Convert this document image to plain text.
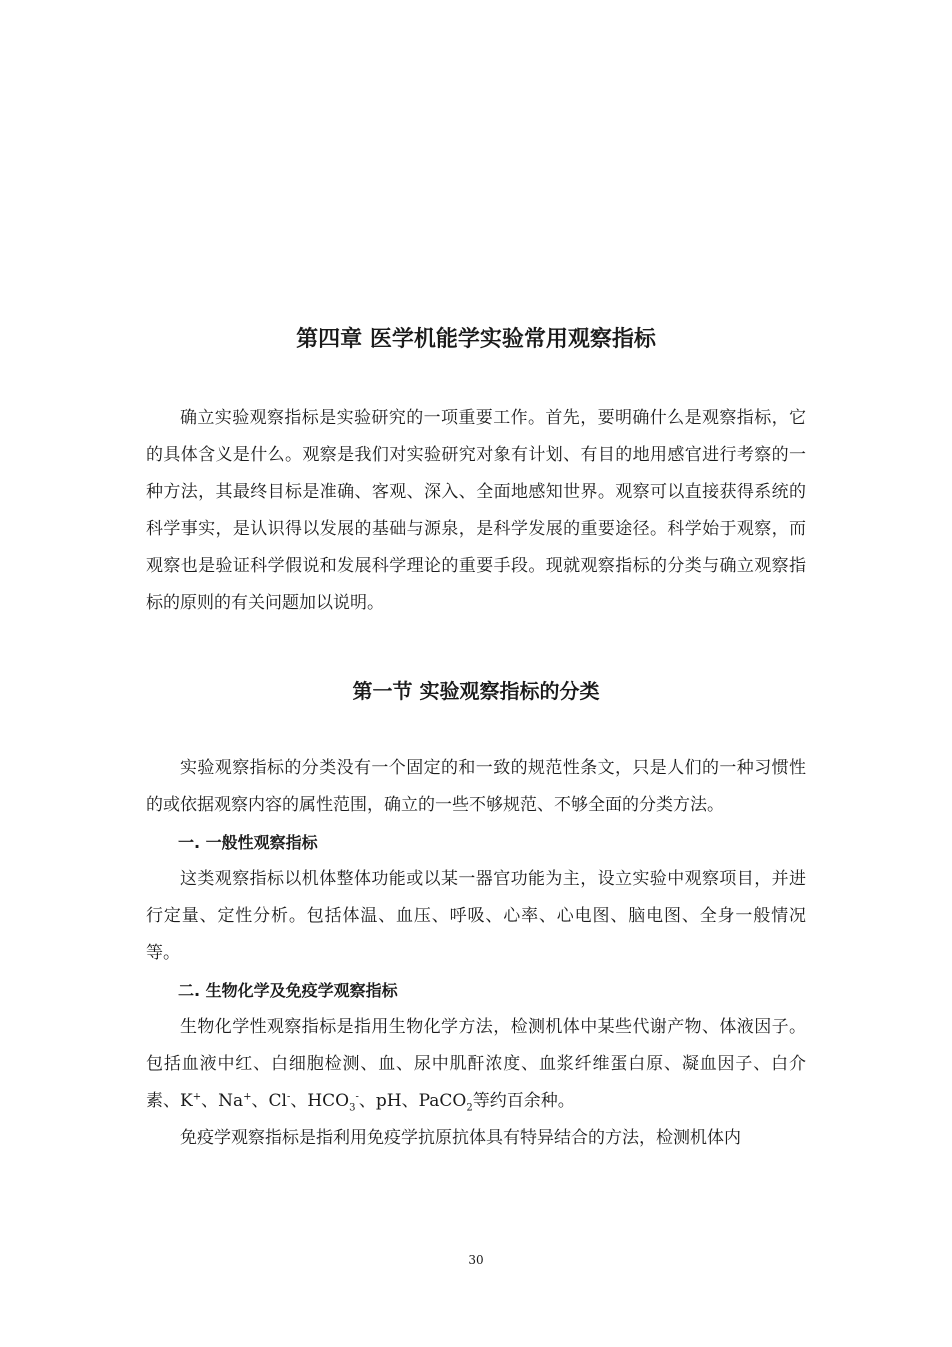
第四章 医学机能学实验常用观察指标

确立实验观察指标是实验研究的一项重要工作。首先，要明确什么是观察指标，它的具体含义是什么。观察是我们对实验研究对象有计划、有目的地用感官进行考察的一种方法，其最终目标是准确、客观、深入、全面地感知世界。观察可以直接获得系统的科学事实，是认识得以发展的基础与源泉，是科学发展的重要途径。科学始于观察，而观察也是验证科学假说和发展科学理论的重要手段。现就观察指标的分类与确立观察指标的原则的有关问题加以说明。

第一节 实验观察指标的分类

实验观察指标的分类没有一个固定的和一致的规范性条文，只是人们的一种习惯性的或依据观察内容的属性范围，确立的一些不够规范、不够全面的分类方法。

一. 一般性观察指标

这类观察指标以机体整体功能或以某一器官功能为主，设立实验中观察项目，并进行定量、定性分析。包括体温、血压、呼吸、心率、心电图、脑电图、全身一般情况等。

二. 生物化学及免疫学观察指标

生物化学性观察指标是指用生物化学方法，检测机体中某些代谢产物、体液因子。包括血液中红、白细胞检测、血、尿中肌酐浓度、血浆纤维蛋白原、凝血因子、白介素、K+、Na+、Cl-、$HCO_3^-$、pH、PaCO$_2$等约百余种。

免疫学观察指标是指利用免疫学抗原抗体具有特异结合的方法，检测机体内

30
